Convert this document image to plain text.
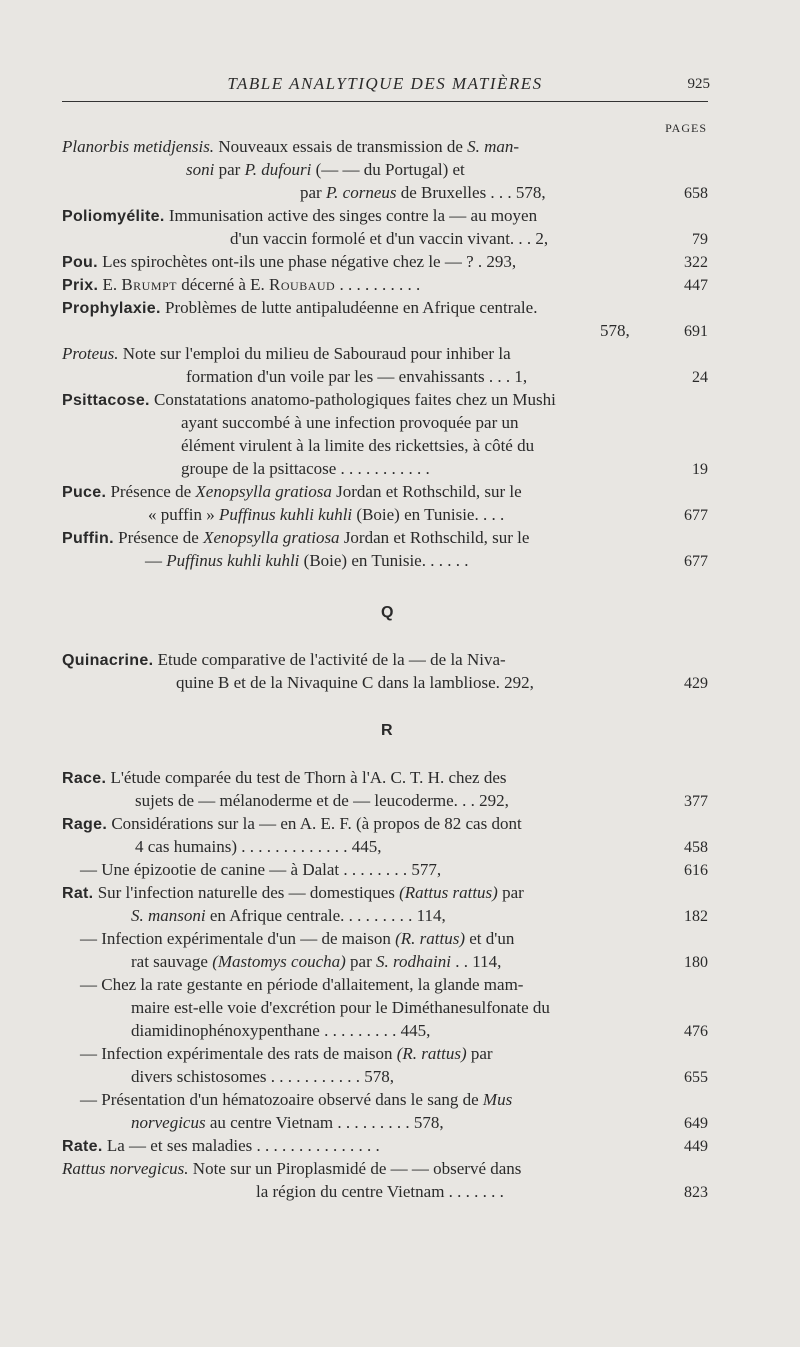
TABLE ANALYTIQUE DES MATIÈRES	925
PAGES
Planorbis metidjensis. Nouveaux essais de transmission de S. man-
soni par P. dufouri (— — du Portugal) et
par P. corneus de Bruxelles . . . 578,	658
Poliomyélite. Immunisation active des singes contre la — au moyen
d'un vaccin formolé et d'un vaccin vivant. . . 2,	79
Pou. Les spirochètes ont-ils une phase négative chez le — ? . 293,	322
Prix. E. Brumpt décerné à E. Roubaud . . . . . . . . . .	447
Prophylaxie. Problèmes de lutte antipaludéenne en Afrique centrale.
578,	691
Proteus. Note sur l'emploi du milieu de Sabouraud pour inhiber la
formation d'un voile par les — envahissants . . . 1,	24
Psittacose. Constatations anatomo-pathologiques faites chez un Mushi
ayant succombé à une infection provoquée par un
élément virulent à la limite des rickettsies, à côté du
groupe de la psittacose . . . . . . . . . . .	19
Puce. Présence de Xenopsylla gratiosa Jordan et Rothschild, sur le
« puffin » Puffinus kuhli kuhli (Boie) en Tunisie. . . .	677
Puffin. Présence de Xenopsylla gratiosa Jordan et Rothschild, sur le
— Puffinus kuhli kuhli (Boie) en Tunisie. . . . . .	677
Q
Quinacrine. Etude comparative de l'activité de la — de la Niva-
quine B et de la Nivaquine C dans la lambliose. 292,	429
R
Race. L'étude comparée du test de Thorn à l'A. C. T. H. chez des
sujets de — mélanoderme et de — leucoderme. . . 292,	377
Rage. Considérations sur la — en A. E. F. (à propos de 82 cas dont
4 cas humains) . . . . . . . . . . . . . 445,	458
— Une épizootie de canine — à Dalat . . . . . . . . 577,	616
Rat. Sur l'infection naturelle des — domestiques (Rattus rattus) par
S. mansoni en Afrique centrale. . . . . . . . . 114,	182
— Infection expérimentale d'un — de maison (R. rattus) et d'un
rat sauvage (Mastomys coucha) par S. rodhaini . . 114,	180
— Chez la rate gestante en période d'allaitement, la glande mam-
maire est-elle voie d'excrétion pour le Diméthanesulfonate du
diamidinophénoxypenthane . . . . . . . . . 445,	476
— Infection expérimentale des rats de maison (R. rattus) par
divers schistosomes . . . . . . . . . . . 578,	655
— Présentation d'un hématozoaire observé dans le sang de Mus
norvegicus au centre Vietnam . . . . . . . . . 578,	649
Rate. La — et ses maladies . . . . . . . . . . . . . . .	449
Rattus norvegicus. Note sur un Piroplasmidé de — — observé dans
la région du centre Vietnam . . . . . . .	823
